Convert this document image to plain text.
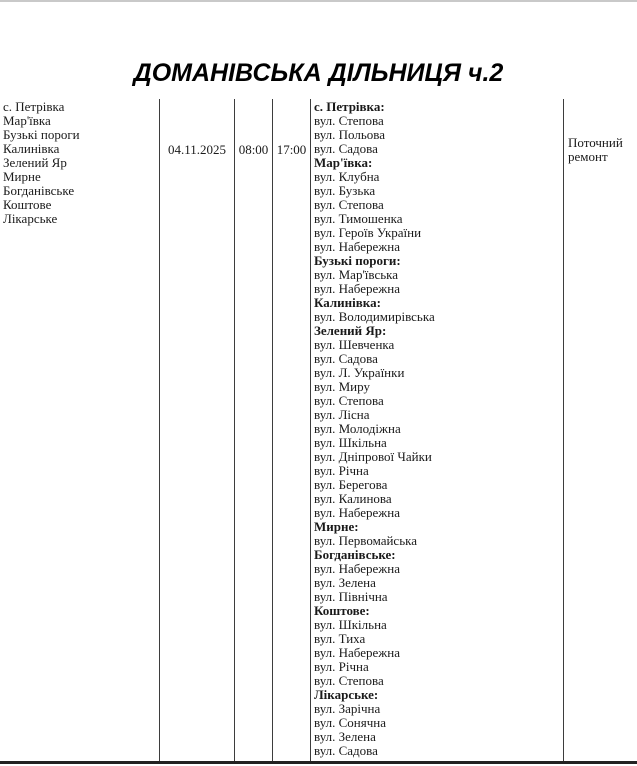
ДОМАНІВСЬКА ДІЛЬНИЦЯ ч.2
с. Петрівка
Мар'ївка
Бузькі пороги
Калинівка
Зелений Яр
Мирне
Богданівське
Коштове
Лікарське
04.11.2025 08:00 17:00
с. Петрівка:
вул. Степова
вул. Польова
вул. Садова
Мар'ївка:
вул. Клубна
вул. Бузька
вул. Степова
вул. Тимошенка
вул. Героїв України
вул. Набережна
Бузькі пороги:
вул. Мар'ївська
вул. Набережна
Калинівка:
вул. Володимирівська
Зелений Яр:
вул. Шевченка
вул. Садова
вул. Л. Українки
вул. Миру
вул. Степова
вул. Лісна
вул. Молодіжна
вул. Шкільна
вул. Дніпрової Чайки
вул. Річна
вул. Берегова
вул. Калинова
вул. Набережна
Мирне:
вул. Первомайська
Богданівське:
вул. Набережна
вул. Зелена
вул. Північна
Коштове:
вул. Шкільна
вул. Тиха
вул. Набережна
вул. Річна
вул. Степова
Лікарське:
вул. Зарічна
вул. Сонячна
вул. Зелена
вул. Садова
Поточний ремонт
